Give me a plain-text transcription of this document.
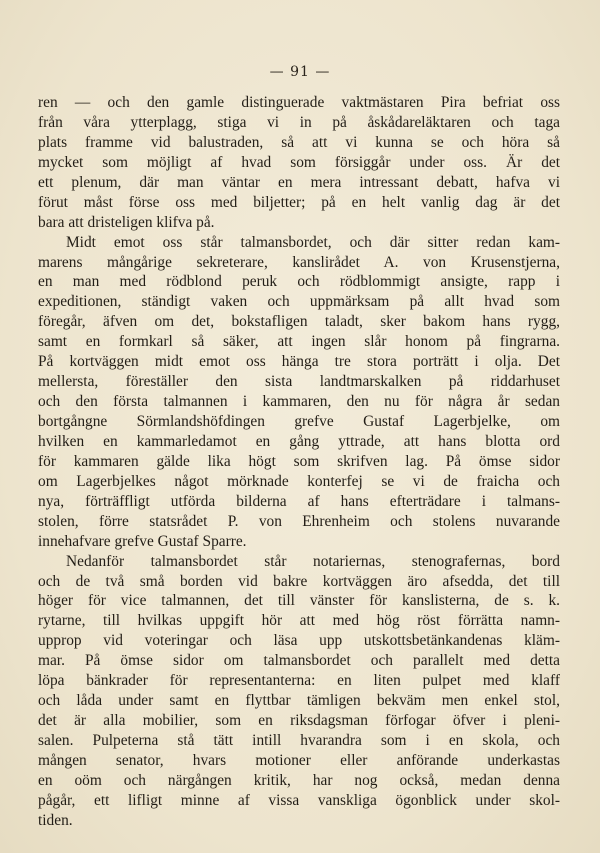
— 91 —
ren — och den gamle distinguerade vaktmästaren Pira befriat oss
från våra ytterplagg, stiga vi in på åskådareläktaren och taga
plats framme vid balustraden, så att vi kunna se och höra så
mycket som möjligt af hvad som försiggår under oss. Är det
ett plenum, där man väntar en mera intressant debatt, hafva vi
förut måst förse oss med biljetter; på en helt vanlig dag är det
bara att dristeligen klifva på.
Midt emot oss står talmansbordet, och där sitter redan kam-
marens mångårige sekreterare, kanslirådet A. von Krusenstjerna,
en man med rödblond peruk och rödblommigt ansigte, rapp i
expeditionen, ständigt vaken och uppmärksam på allt hvad som
föregår, äfven om det, bokstafligen taladt, sker bakom hans rygg,
samt en formkarl så säker, att ingen slår honom på fingrarna.
På kortväggen midt emot oss hänga tre stora porträtt i olja. Det
mellersta, föreställer den sista landtmarskalken på riddarhuset
och den första talmannen i kammaren, den nu för några år sedan
bortgångne Sörmlandshöfdingen grefve Gustaf Lagerbjelke, om
hvilken en kammarledamot en gång yttrade, att hans blotta ord
för kammaren gälde lika högt som skrifven lag. På ömse sidor
om Lagerbjelkes något mörknade konterfej se vi de fraicha och
nya, förträffligt utförda bilderna af hans efterträdare i talmans-
stolen, förre statsrådet P. von Ehrenheim och stolens nuvarande
innehafvare grefve Gustaf Sparre.
Nedanför talmansbordet står notariernas, stenografernas, bord
och de två små borden vid bakre kortväggen äro afsedda, det till
höger för vice talmannen, det till vänster för kanslisterna, de s. k.
rytarne, till hvilkas uppgift hör att med hög röst förrätta namn-
upprop vid voteringar och läsa upp utskottsbetänkandenas kläm-
mar. På ömse sidor om talmansbordet och parallelt med detta
löpa bänkrader för representanterna: en liten pulpet med klaff
och låda under samt en flyttbar tämligen bekväm men enkel stol,
det är alla mobilier, som en riksdagsman förfogar öfver i pleni-
salen. Pulpeterna stå tätt intill hvarandra som i en skola, och
mången senator, hvars motioner eller anförande underkastas
en oöm och närgången kritik, har nog också, medan denna
pågår, ett lifligt minne af vissa vanskliga ögonblick under skol-
tiden.
